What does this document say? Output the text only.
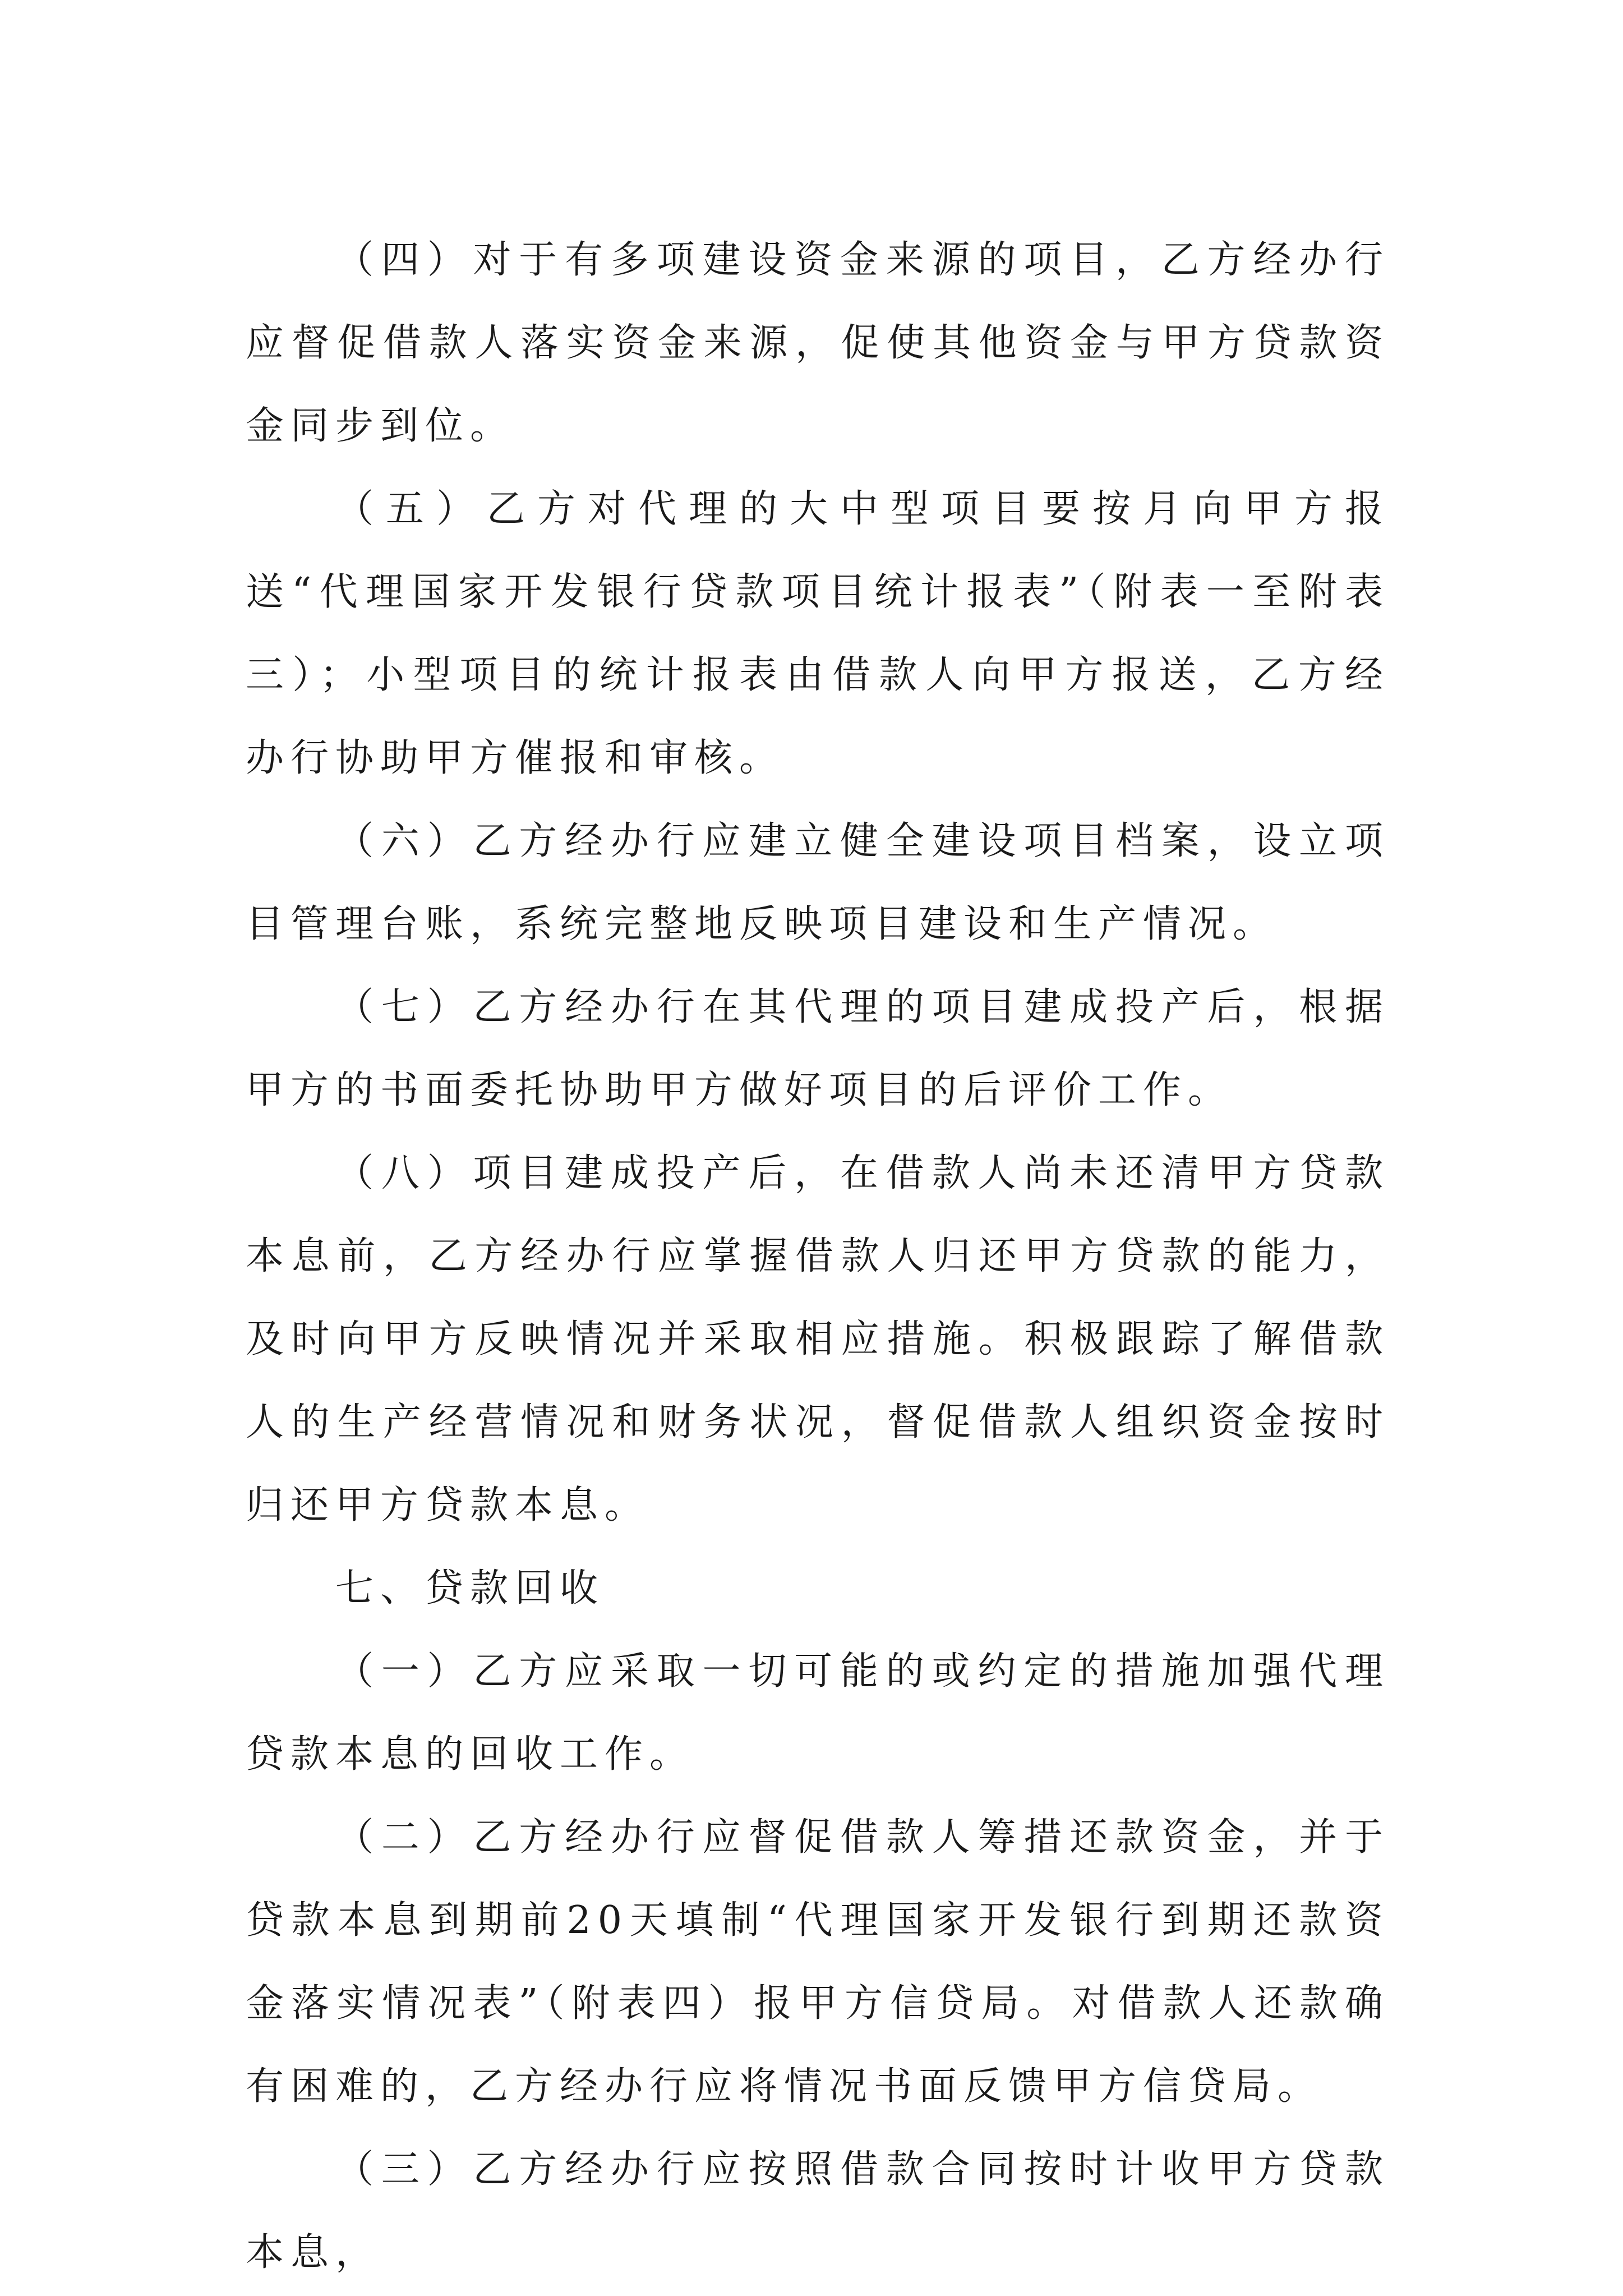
（四）对于有多项建设资金来源的项目，乙方经办行应督促借款人落实资金来源，促使其他资金与甲方贷款资金同步到位。

（五）乙方对代理的大中型项目要按月向甲方报送“代理国家开发银行贷款项目统计报表”（附表一至附表三）；小型项目的统计报表由借款人向甲方报送，乙方经办行协助甲方催报和审核。

（六）乙方经办行应建立健全建设项目档案，设立项目管理台账，系统完整地反映项目建设和生产情况。

（七）乙方经办行在其代理的项目建成投产后，根据甲方的书面委托协助甲方做好项目的后评价工作。

（八）项目建成投产后，在借款人尚未还清甲方贷款本息前，乙方经办行应掌握借款人归还甲方贷款的能力，及时向甲方反映情况并采取相应措施。积极跟踪了解借款人的生产经营情况和财务状况，督促借款人组织资金按时归还甲方贷款本息。

七、贷款回收

（一）乙方应采取一切可能的或约定的措施加强代理贷款本息的回收工作。

（二）乙方经办行应督促借款人筹措还款资金，并于贷款本息到期前20天填制“代理国家开发银行到期还款资金落实情况表”（附表四）报甲方信贷局。对借款人还款确有困难的，乙方经办行应将情况书面反馈甲方信贷局。

（三）乙方经办行应按照借款合同按时计收甲方贷款本息，
